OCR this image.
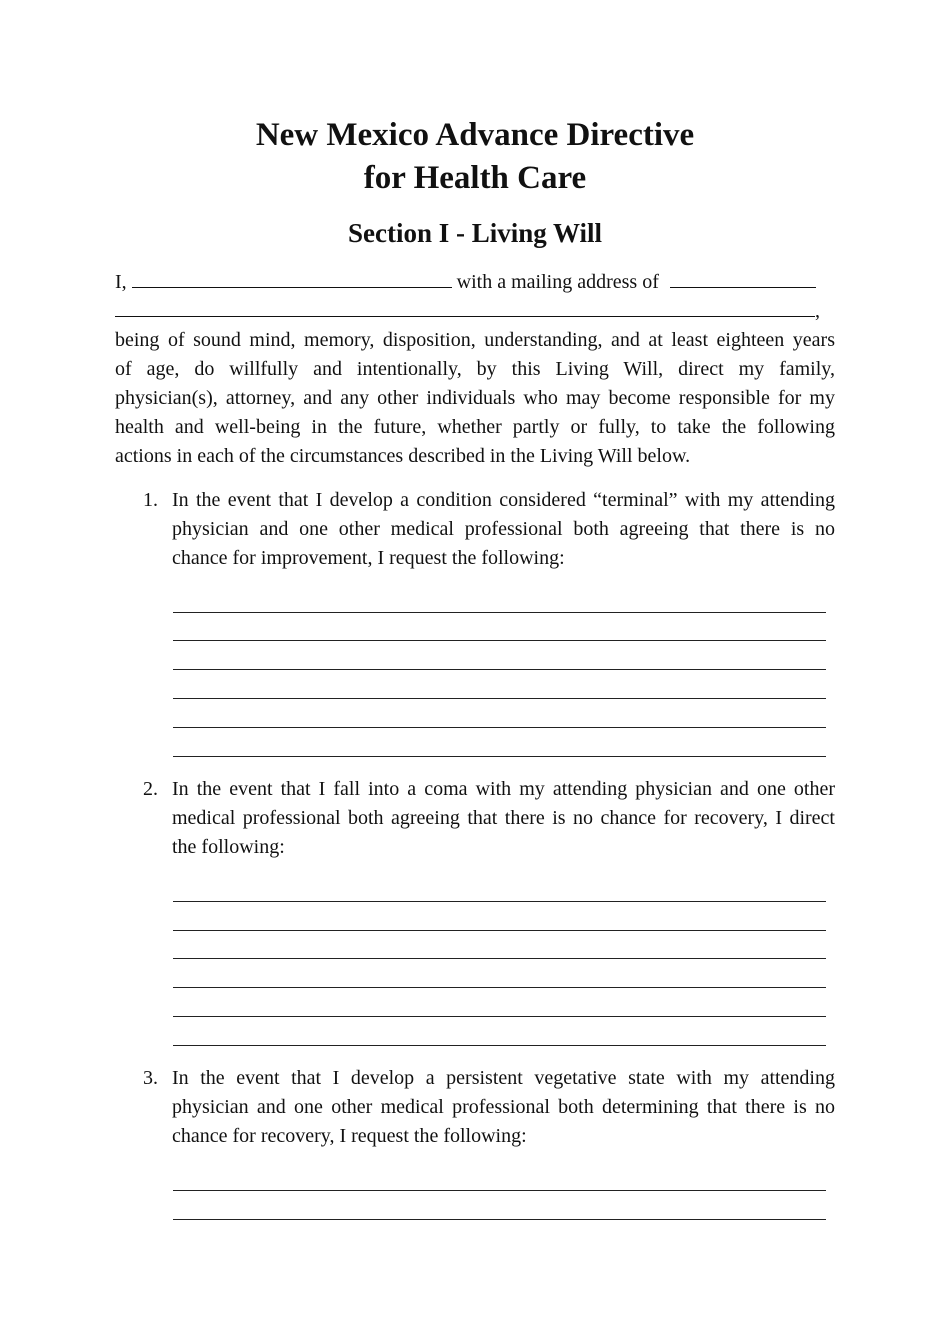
New Mexico Advance Directive
for Health Care
Section I - Living Will
I,	with a mailing address of
,
being of sound mind, memory, disposition, understanding, and at least eighteen years
of age, do willfully and intentionally, by this Living Will, direct my family,
physician(s), attorney, and any other individuals who may become responsible for my
health and well-being in the future, whether partly or fully, to take the following
actions in each of the circumstances described in the Living Will below.
1. In the event that I develop a condition considered “terminal” with my attending
physician and one other medical professional both agreeing that there is no
chance for improvement, I request the following:
2. In the event that I fall into a coma with my attending physician and one other
medical professional both agreeing that there is no chance for recovery, I direct
the following:
3. In the event that I develop a persistent vegetative state with my attending
physician and one other medical professional both determining that there is no
chance for recovery, I request the following:
